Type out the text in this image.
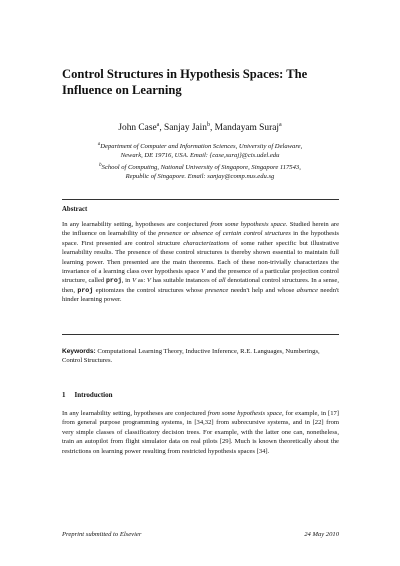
Control Structures in Hypothesis Spaces: The Influence on Learning
John Case$^a$, Sanjay Jain$^b$, Mandayam Suraj$^a$
$^a$Department of Computer and Information Sciences, University of Delaware,
Newark, DE 19716, USA. Email: {case,suraj}@cis.udel.edu
$^b$School of Computing, National University of Singapore, Singapore 117543,
Republic of Singapore. Email: sanjay@comp.nus.edu.sg
Abstract

In any learnability setting, hypotheses are conjectured from some hypothesis space. Studied herein are the influence on learnability of the presence or absence of certain control structures in the hypothesis space. First presented are control structure characterizations of some rather specific but illustrative learnability results. The presence of these control structures is thereby shown essential to maintain full learning power. Then presented are the main theorems. Each of these non-trivially characterizes the invariance of a learning class over hypothesis space V and the presence of a particular projection control structure, called proj, in V as: V has suitable instances of all denotational control structures. In a sense, then, proj epitomizes the control structures whose presence needn't help and whose absence needn't hinder learning power.

Keywords: Computational Learning Theory, Inductive Inference, R.E. Languages, Numberings, Control Structures.
1 Introduction
In any learnability setting, hypotheses are conjectured from some hypothesis space, for example, in [17] from general purpose programming systems, in [34,32] from subrecursive systems, and in [22] from very simple classes of classificatory decision trees. For example, with the latter one can, nonetheless, train an autopilot from flight simulator data on real pilots [29]. Much is known theoretically about the restrictions on learning power resulting from restricted hypothesis spaces [34].
Preprint submitted to Elsevier	24 May 2010
